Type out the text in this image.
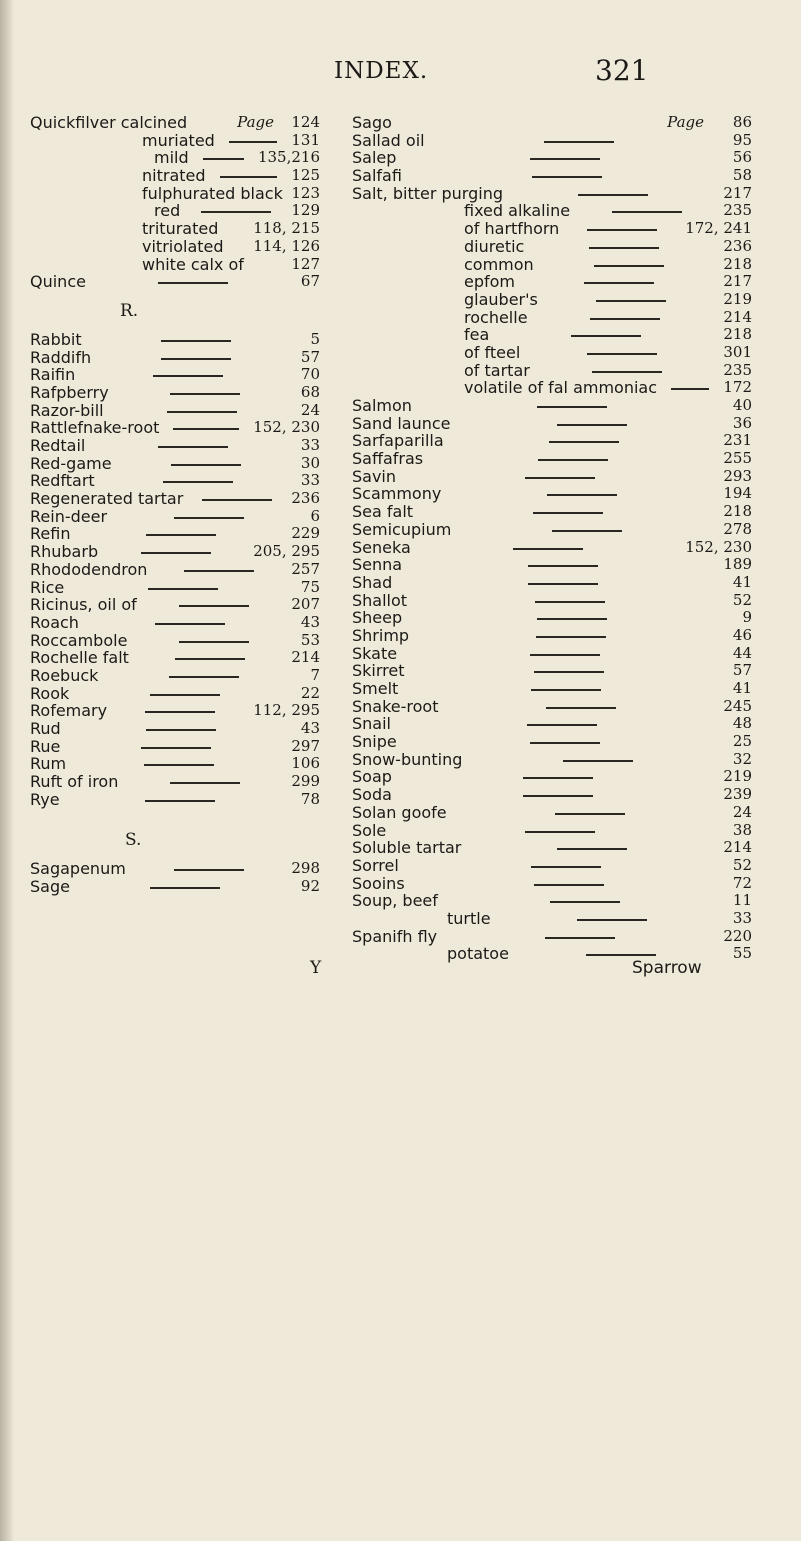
INDEX.	321
Quickfilver calcined	Page 124
muriated	131
mild	135,216
nitrated	125
fulphurated black 123
red	129
triturated 118, 215
vitriolated 114, 126
white calx of	127
Quince	67
R.
Rabbit	5
Raddifh	57
Raifin	70
Rafpberry	68
Razor-bill	24
Rattlefnake-root	152, 230
Redtail	33
Red-game	30
Redftart	33
Regenerated tartar	236
Rein-deer	6
Refin	229
Rhubarb	205, 295
Rhododendron	257
Rice	75
Ricinus, oil of	207
Roach	43
Roccambole	53
Rochelle falt	214
Roebuck	7
Rook	22
Rofemary	112, 295
Rud	43
Rue	297
Rum	106
Ruft of iron	299
Rye	78
S.
Sagapenum	298
Sage	92
Sago	Page 86
Sallad oil	95
Salep	56
Salfafi	58
Salt, bitter purging	217
fixed alkaline	235
of hartfhorn	172, 241
diuretic	236
common	218
epfom	217
glauber's	219
rochelle	214
fea	218
of fteel	301
of tartar	235
volatile of fal ammoniac	172
Salmon	40
Sand launce	36
Sarfaparilla	231
Saffafras	255
Savin	293
Scammony	194
Sea falt	218
Semicupium	278
Seneka	152, 230
Senna	189
Shad	41
Shallot	52
Sheep	9
Shrimp	46
Skate	44
Skirret	57
Smelt	41
Snake-root	245
Snail	48
Snipe	25
Snow-bunting	32
Soap	219
Soda	239
Solan goofe	24
Sole	38
Soluble tartar	214
Sorrel	52
Sooins	72
Soup, beef	11
turtle	33
Spanifh fly	220
potatoe	55
Y	Sparrow
